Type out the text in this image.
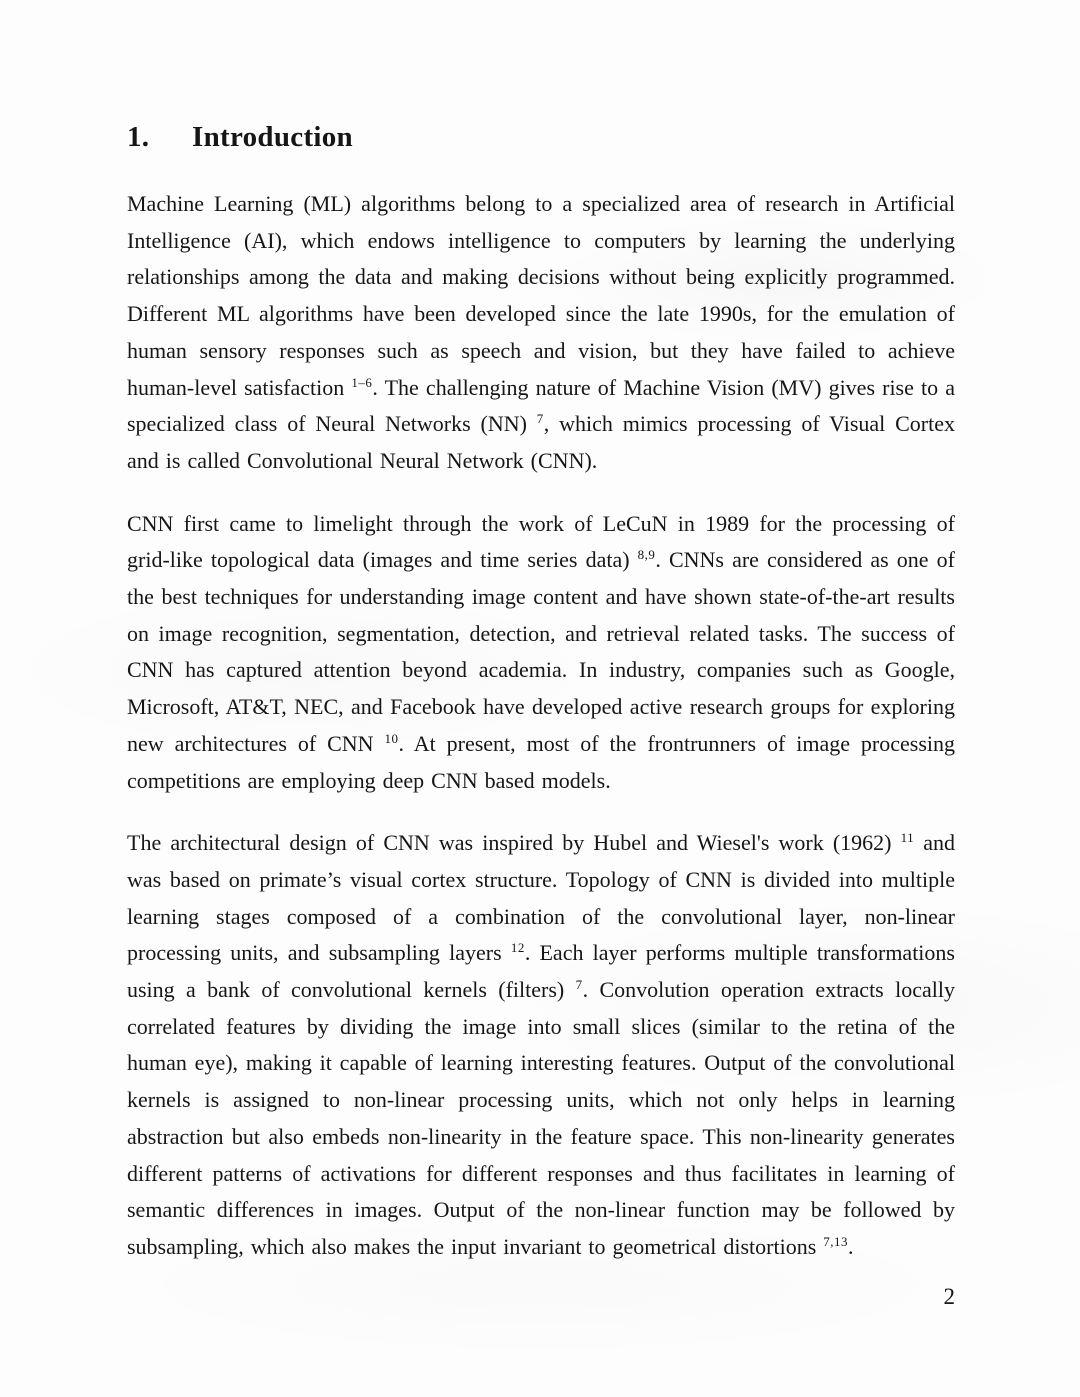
1. Introduction

Machine Learning (ML) algorithms belong to a specialized area of research in Artificial Intelligence (AI), which endows intelligence to computers by learning the underlying relationships among the data and making decisions without being explicitly programmed. Different ML algorithms have been developed since the late 1990s, for the emulation of human sensory responses such as speech and vision, but they have failed to achieve human-level satisfaction $^{1-6}$. The challenging nature of Machine Vision (MV) gives rise to a specialized class of Neural Networks (NN) $^7$, which mimics processing of Visual Cortex and is called Convolutional Neural Network (CNN).

CNN first came to limelight through the work of LeCuN in 1989 for the processing of grid-like topological data (images and time series data) $^{8,9}$. CNNs are considered as one of the best techniques for understanding image content and have shown state-of-the-art results on image recognition, segmentation, detection, and retrieval related tasks. The success of CNN has captured attention beyond academia. In industry, companies such as Google, Microsoft, AT&T, NEC, and Facebook have developed active research groups for exploring new architectures of CNN $^{10}$. At present, most of the frontrunners of image processing competitions are employing deep CNN based models.

The architectural design of CNN was inspired by Hubel and Wiesel's work (1962) $^{11}$ and was based on primate’s visual cortex structure. Topology of CNN is divided into multiple learning stages composed of a combination of the convolutional layer, non-linear processing units, and subsampling layers $^{12}$. Each layer performs multiple transformations using a bank of convolutional kernels (filters) $^7$. Convolution operation extracts locally correlated features by dividing the image into small slices (similar to the retina of the human eye), making it capable of learning interesting features. Output of the convolutional kernels is assigned to non-linear processing units, which not only helps in learning abstraction but also embeds non-linearity in the feature space. This non-linearity generates different patterns of activations for different responses and thus facilitates in learning of semantic differences in images. Output of the non-linear function may be followed by subsampling, which also makes the input invariant to geometrical distortions $^{7,13}$.

2
